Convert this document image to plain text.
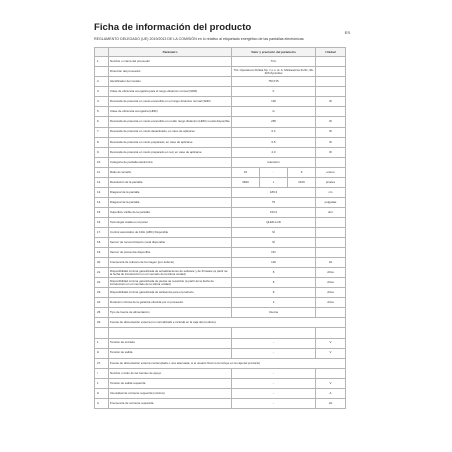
Ficha de información del producto	ES
REGLAMENTO DELEGADO (UE) 2019/2013 DE LA COMISIÓN en lo relativo al etiquetado energético de las pantallas electrónicas
	Parámetro	Valor y precisión del parámetro			Unidad
1.	Nombre o marca del proveedor	TCL			
	Dirección del proveedor	TCL Operations Polska Sp. z o.o. ul. A. Mickiewicza 31/41, 96-300 Żyrardów			
2.	Identificador del modelo	75C715			
3.	Clase de eficiencia energética para el rango dinámico normal (SDR)	F			
4.	Demanda de potencia en modo encendido en el rango dinámico normal (SDR)	130			W
5.	Clase de eficiencia energética (HDR)	G			
6.	Demanda de potencia en modo encendido en el alto rango dinámico (HDR) si está disponible	265			W
7.	Demanda de potencia en modo desactivado, en caso de aplicarse	0.4			W
8.	Demanda de potencia en modo preparado, en caso de aplicarse	0.5			W
9.	Demanda de potencia en modo preparado en red, en caso de aplicarse	2.0			W
10.	Categoría de pantalla electrónica	televisión			
11.	Ratio de tamaño	16	:	9	entero
12.	Resolución de la pantalla	3840	x	2160	píxeles
13.	Diagonal de la pantalla	189.3			cm
14.	Diagonal de la pantalla	75			pulgadas
15.	Superficie visible de la pantalla	153.2			dm²
16.	Tecnología usada en el panel	QLED-LCD			
17.	Control automático de brillo (ABC) Disponible	SÍ			
18.	Sensor de reconocimiento vocal disponible	SÍ			
19.	Sensor de presencia disponible	NO			
20.	Frecuencia de refresco de la imagen (por defecto)	120			Hz
21.	Disponibilidad mínima garantizada de actualizaciones de software y de firmware (a partir de la fecha de introducción en el mercado de la última unidad)	8			Años
22.	Disponibilidad mínima garantizada de piezas de recambio (a partir de la fecha de introducción en el mercado de la última unidad)	8			Años
23.	Disponibilidad mínima garantizada de asistencia para el producto	8			Años
24.	Duración mínima de la garantía ofrecida por el proveedor	2			Años
25.	Tipo de fuente de alimentación	Interna			
26.	Fuente de alimentación externa (no normalizada e incluida en la caja del producto)				

ii	Tensión de entrada	-			V
iii	Tensión de salida	-			V
27.	Fuente de alimentación externa contemplada o una adecuada, si el usuario final no la incluye en la caja del producto)				
i	Nombre o título de las fuentes de apoyo	-			
ii	Tensión de salida requerida	-			V
iii	Intensidad de corriente requerida (mínima)	-			A
iv	Frecuencia de corriente requerida	-			Hz
